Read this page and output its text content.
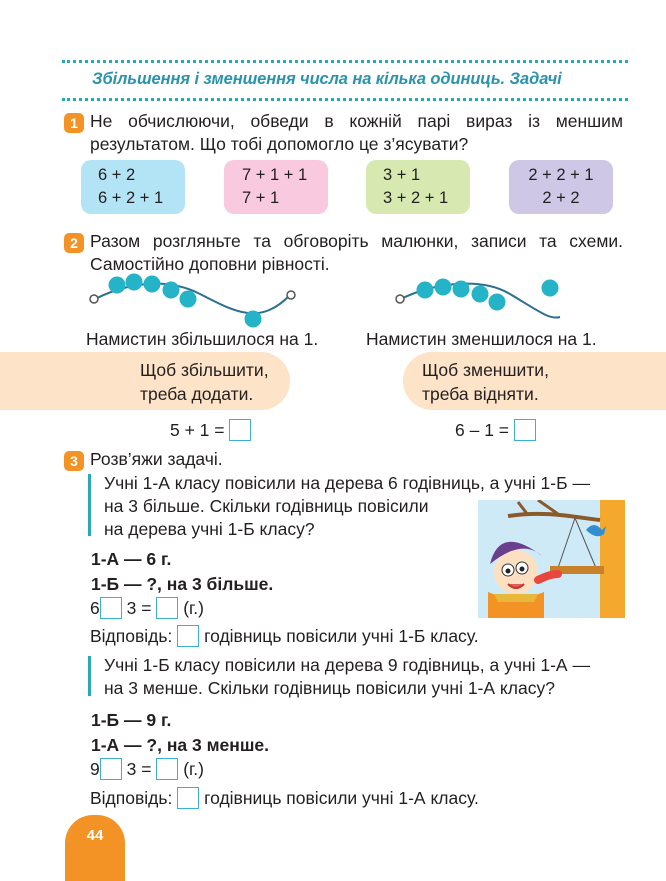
Збільшення і зменшення числа на кілька одиниць. Задачі
1 Не обчислюючи, обведи в кожній парі вираз із меншим
результатом. Що тобі допомогло це з’ясувати?
6 + 2
6 + 2 + 1
7 + 1 + 1
7 + 1
3 + 1
3 + 2 + 1
2 + 2 + 1
2 + 2
2 Разом розгляньте та обговоріть малюнки, записи та схеми.
Самостійно доповни рівності.
Намистин збільшилося на 1.	Намистин зменшилося на 1.
Щоб збільшити,
треба додати.
Щоб зменшити,
треба відняти.
5 + 1 =	6 – 1 =
3 Розв’яжи задачі.
Учні 1-А класу повісили на дерева 6 годівниць, а учні 1-Б —
на 3 більше. Скільки годівниць повісили
на дерева учні 1-Б класу?
1-А — 6 г.
1-Б — ?, на 3 більше.
6 3 = (г.)
Відповідь: годівниць повісили учні 1-Б класу.
Учні 1-Б класу повісили на дерева 9 годівниць, а учні 1-А —
на 3 менше. Скільки годівниць повісили учні 1-А класу?
1-Б — 9 г.
1-А — ?, на 3 менше.
9 3 = (г.)
Відповідь: годівниць повісили учні 1-А класу.
44
